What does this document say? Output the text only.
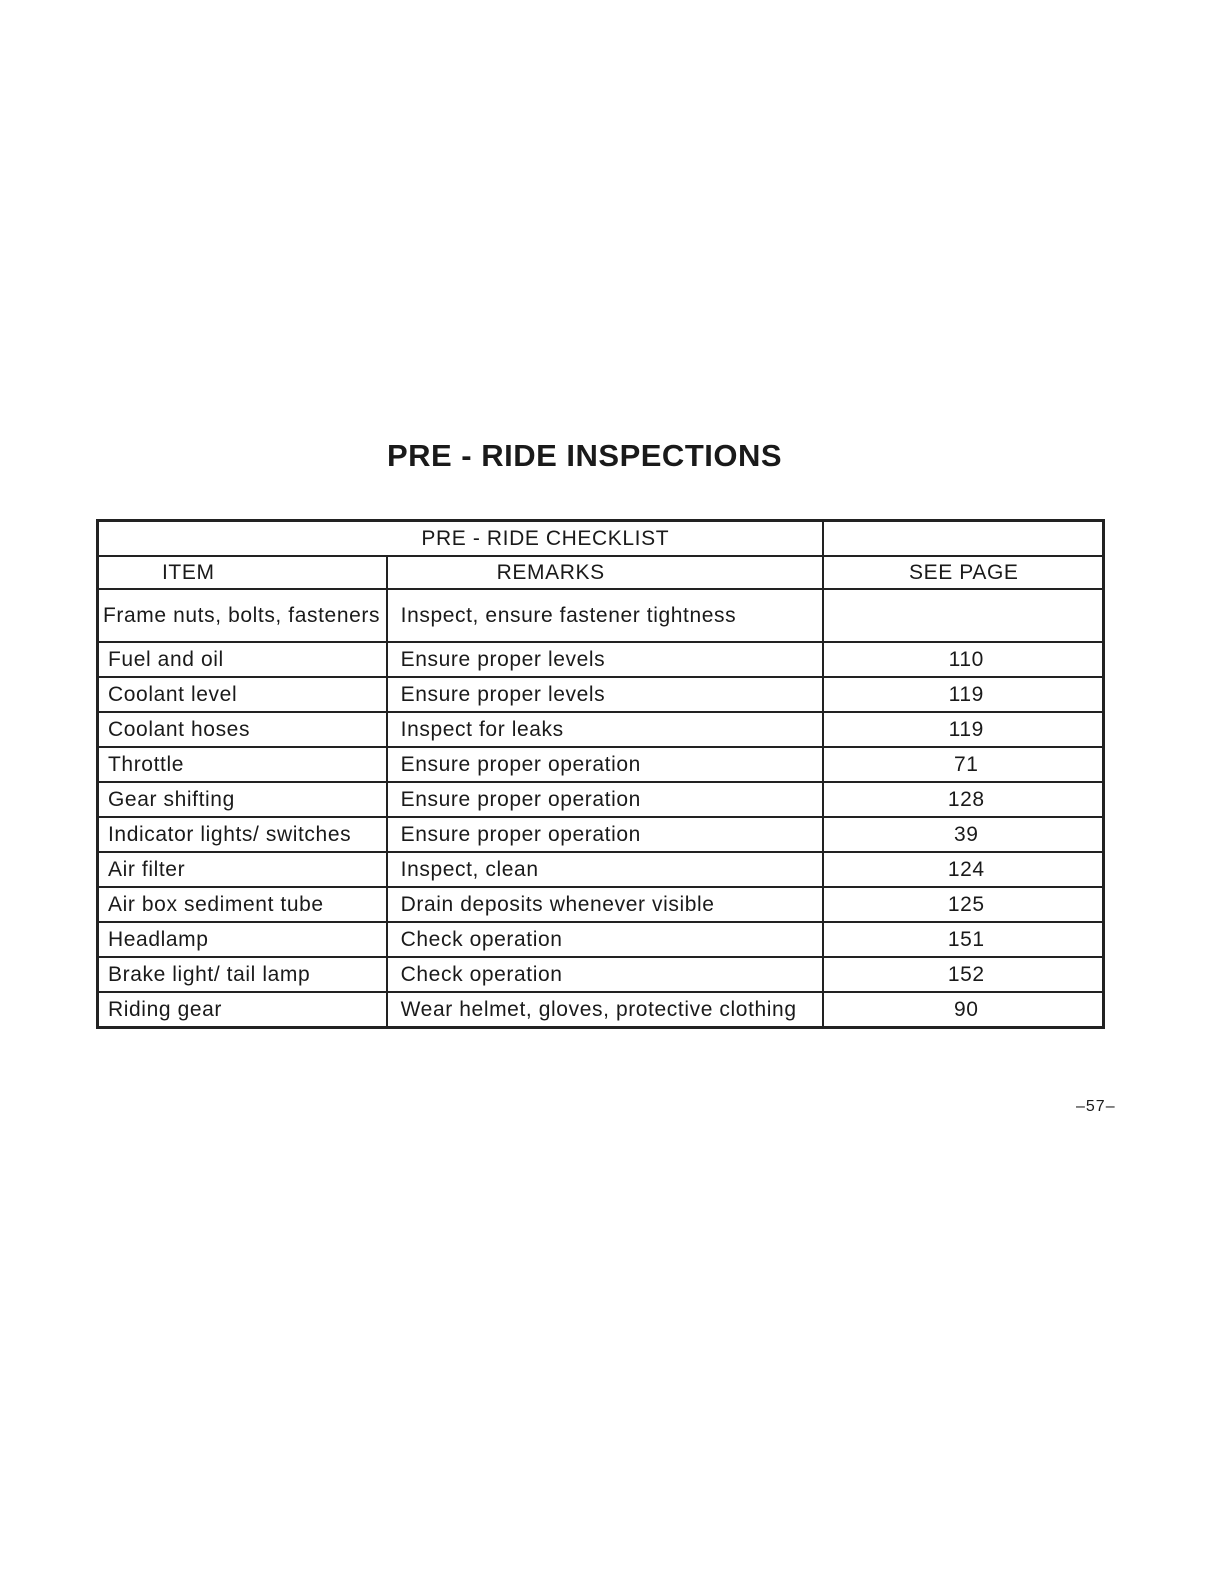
PRE - RIDE INSPECTIONS
PRE - RIDE CHECKLIST		
ITEM	REMARKS	SEE PAGE
Frame nuts, bolts, fasteners	Inspect, ensure fastener tightness	
Fuel and oil	Ensure proper levels	110
Coolant level	Ensure proper levels	119
Coolant hoses	Inspect for leaks	119
Throttle	Ensure proper operation	71
Gear shifting	Ensure proper operation	128
Indicator lights/ switches	Ensure proper operation	39
Air filter	Inspect, clean	124
Air box sediment tube	Drain deposits whenever visible	125
Headlamp	Check operation	151
Brake light/ tail lamp	Check operation	152
Riding gear	Wear helmet, gloves, protective clothing	90
–57–
